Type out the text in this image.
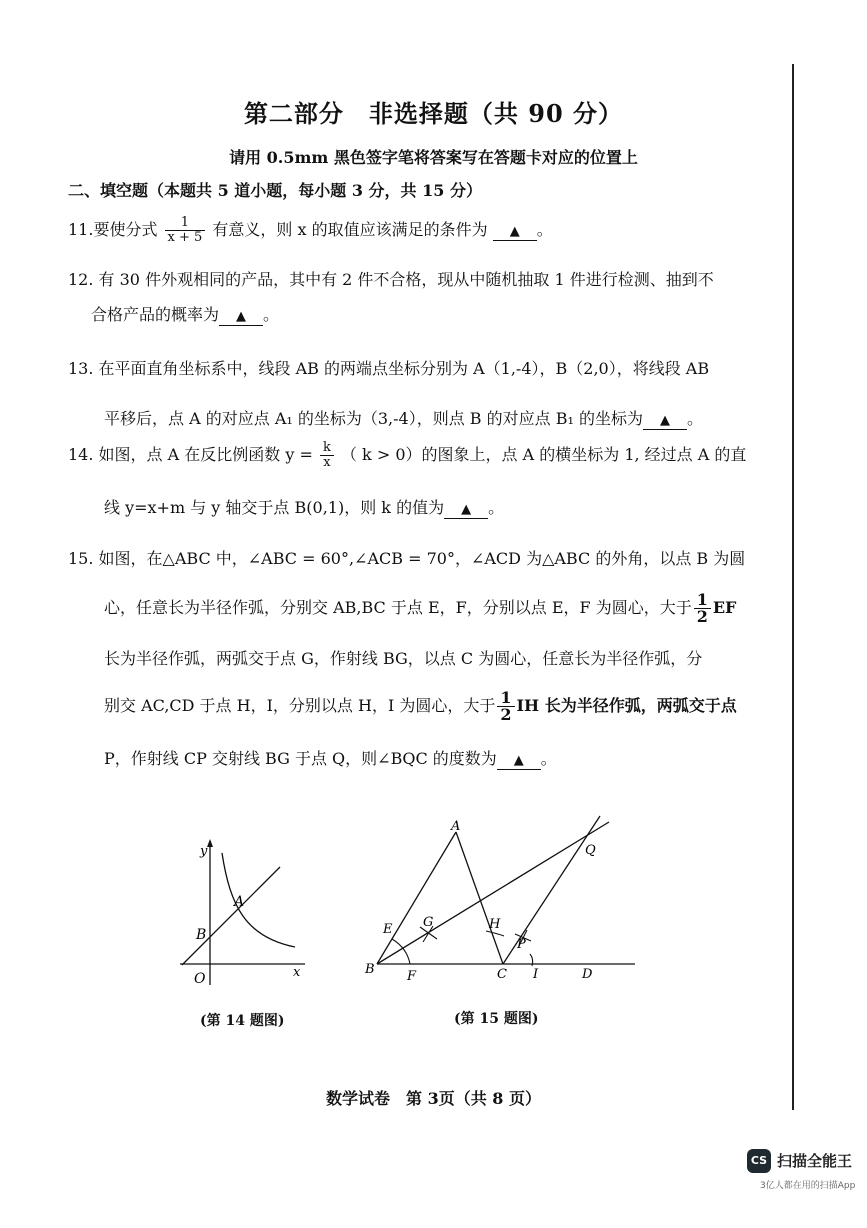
第二部分　非选择题（共 90 分）
请用 0.5mm 黑色签字笔将答案写在答题卡对应的位置上
二、填空题（本题共 5 道小题，每小题 3 分，共 15 分）
11.要使分式 $\frac{1}{x + 5}$ 有意义，则 x 的取值应该满足的条件为 ▲ 。
12. 有 30 件外观相同的产品，其中有 2 件不合格，现从中随机抽取 1 件进行检测、抽到不
合格产品的概率为 ▲ 。
13. 在平面直角坐标系中，线段 AB 的两端点坐标分别为 A（1,-4），B（2,0），将线段 AB
平移后，点 A 的对应点 A₁ 的坐标为（3,-4），则点 B 的对应点 B₁ 的坐标为 ▲ 。
14. 如图，点 A 在反比例函数 $y = \frac{k}{x}$ （ k > 0）的图象上，点 A 的横坐标为 1, 经过点 A 的直
线 y=x+m 与 y 轴交于点 B(0,1)，则 k 的值为 ▲ 。
15. 如图，在△ABC 中，∠ABC = 60°,∠ACB = 70°，∠ACD 为△ABC 的外角，以点 B 为圆
心，任意长为半径作弧，分别交 AB,BC 于点 E，F，分别以点 E，F 为圆心，大于 $\frac{1}{2}$ EF
长为半径作弧，两弧交于点 G，作射线 BG，以点 C 为圆心，任意长为半径作弧，分
别交 AC,CD 于点 H，I，分别以点 H，I 为圆心，大于 $\frac{1}{2}$ IH 长为半径作弧，两弧交于点
P，作射线 CP 交射线 BG 于点 Q，则∠BQC 的度数为 ▲ 。
y
x
O
A
B
(第 14 题图)
A
B	C	D
E
F
G	H
I
P
Q
(第 15 题图)
数学试卷　第 3页（共 8 页）
CS 扫描全能王
3亿人都在用的扫描App
